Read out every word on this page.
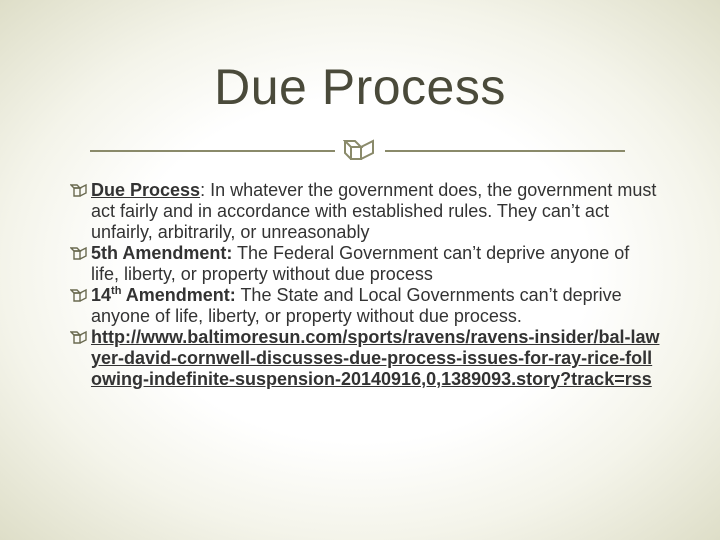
Due Process
Due Process: In whatever the government does, the government must act fairly and in accordance with established rules. They can’t act unfairly, arbitrarily, or unreasonably
5th Amendment: The Federal Government can’t deprive anyone of life, liberty, or property without due process
14th Amendment: The State and Local Governments can’t deprive anyone of life, liberty, or property without due process.
http://www.baltimoresun.com/sports/ravens/ravens-insider/bal-lawyer-david-cornwell-discusses-due-process-issues-for-ray-rice-following-indefinite-suspension-20140916,0,1389093.story?track=rss
